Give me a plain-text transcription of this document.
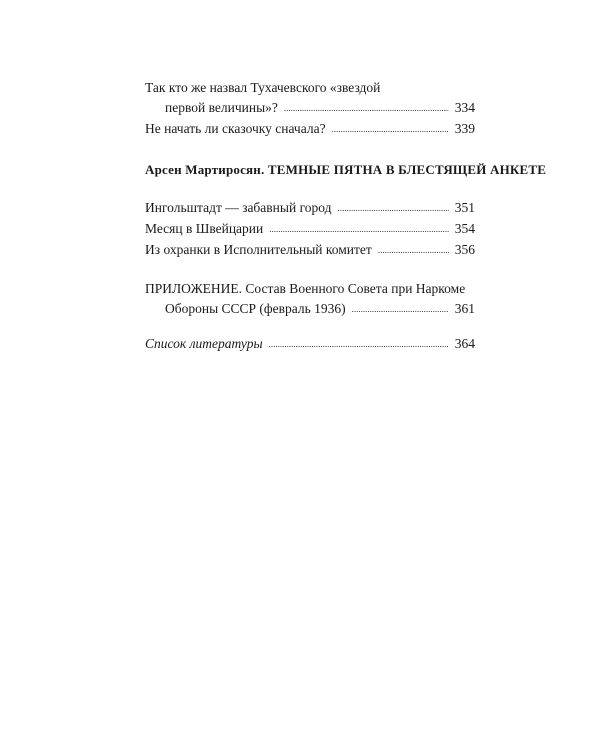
Так кто же назвал Тухачевского «звездой
первой величины»? .....	334
Не начать ли сказочку сначала? .....	339
Арсен Мартиросян. ТЕМНЫЕ ПЯТНА В БЛЕСТЯЩЕЙ АНКЕТЕ
Ингольштадт — забавный город .....	351
Месяц в Швейцарии .....	354
Из охранки в Исполнительный комитет .....	356
ПРИЛОЖЕНИЕ. Состав Военного Совета при Наркоме
Обороны СССР (февраль 1936) .....	361
Список литературы .....	364
